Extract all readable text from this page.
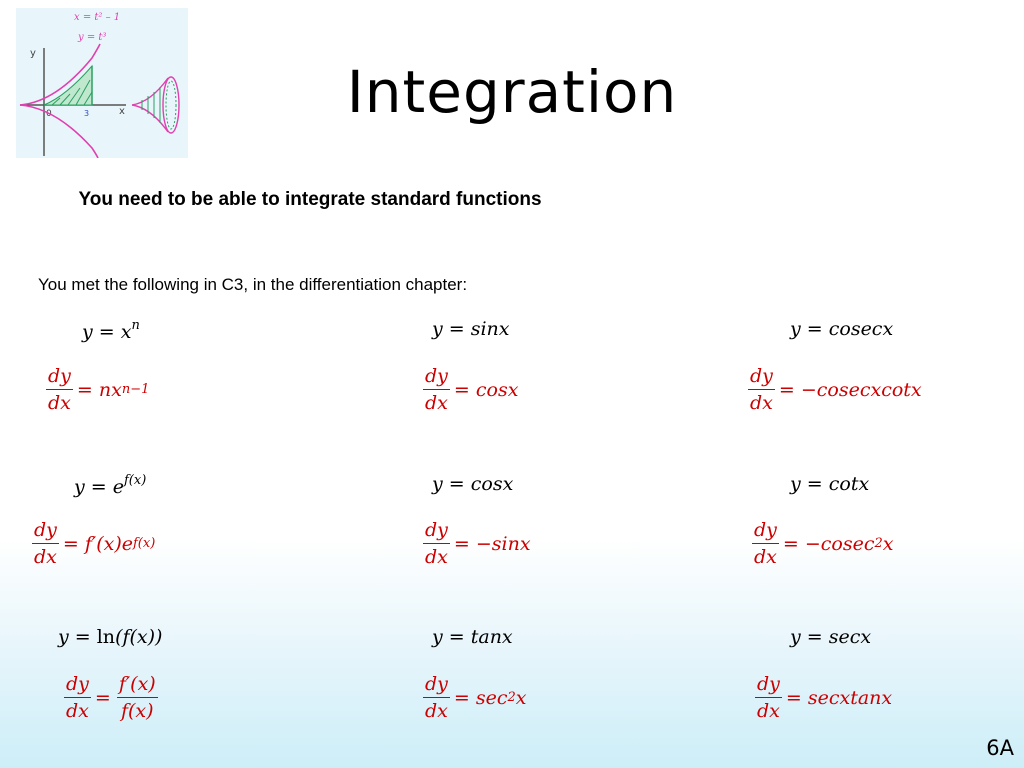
x = t² – 1
y = t³
y
x
0	3	Integration
You need to be able to integrate standard functions
You met the following in C3, in the differentiation chapter:
$y = x^n$
$\frac{dy}{dx}$ = nx n−1
y = sinx
$\frac{dy}{dx} = \cos x$
y = cosecx
$\frac{dy}{dx}$ = −cosecxcotx
$y = e^{f(x)}$
$\frac{dy}{dx} = f'(x)e$ f(x)
y = cosx
$\frac{dy}{dx} = -\sin x$
y = cotx
$\frac{dy}{dx} = -cosec$ 2 x
y = ln(f(x))
$\frac{dy}{dx} = \frac{f'(x)}{f(x)}$
y = tanx
$\frac{dy}{dx} = \sec 2$ x
y = secx
$\frac{dy}{dx}$ = secxtanx
6A
